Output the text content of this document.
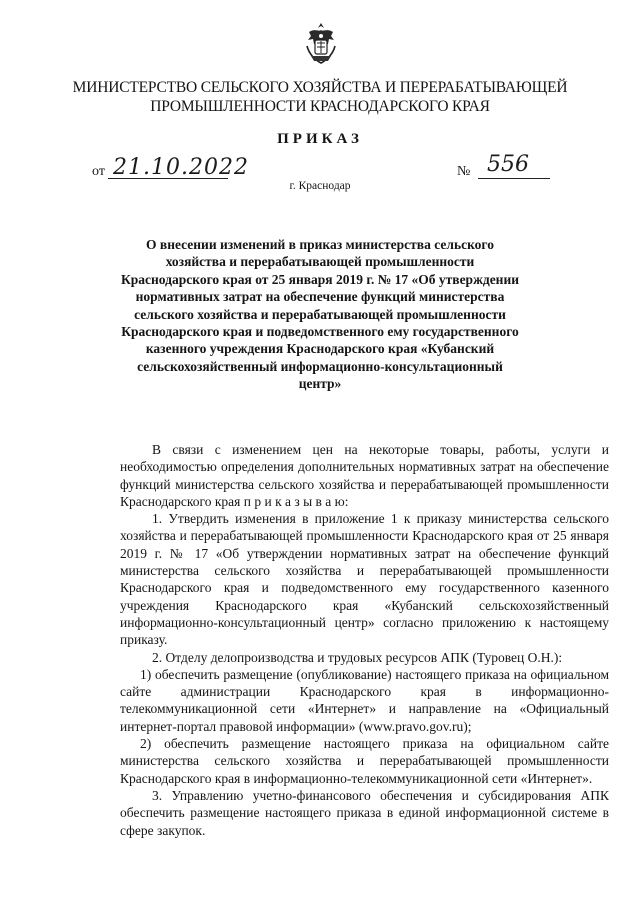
МИНИСТЕРСТВО СЕЛЬСКОГО ХОЗЯЙСТВА И ПЕРЕРАБАТЫВАЮЩЕЙ
ПРОМЫШЛЕННОСТИ КРАСНОДАРСКОГО КРАЯ
ПРИКАЗ
от 21.10.2022	№ 556
г. Краснодар
О внесении изменений в приказ министерства сельского хозяйства и перерабатывающей промышленности Краснодарского края от 25 января 2019 г. № 17 «Об утверждении нормативных затрат на обеспечение функций министерства сельского хозяйства и перерабатывающей промышленности Краснодарского края и подведомственного ему государственного казенного учреждения Краснодарского края «Кубанский сельскохозяйственный информационно-консультационный центр»

В связи с изменением цен на некоторые товары, работы, услуги и необходимостью определения дополнительных нормативных затрат на обеспечение функций министерства сельского хозяйства и перерабатывающей промышленности Краснодарского края п р и к а з ы в а ю:

1. Утвердить изменения в приложение 1 к приказу министерства сельского хозяйства и перерабатывающей промышленности Краснодарского края от 25 января 2019 г. № 17 «Об утверждении нормативных затрат на обеспечение функций министерства сельского хозяйства и перерабатывающей промышленности Краснодарского края и подведомственного ему государственного казенного учреждения Краснодарского края «Кубанский сельскохозяйственный информационно-консультационный центр» согласно приложению к настоящему приказу.

2. Отделу делопроизводства и трудовых ресурсов АПК (Туровец О.Н.):

1) обеспечить размещение (опубликование) настоящего приказа на официальном сайте администрации Краснодарского края в информационно-телекоммуникационной сети «Интернет» и направление на «Официальный интернет-портал правовой информации» (www.pravo.gov.ru);

2) обеспечить размещение настоящего приказа на официальном сайте министерства сельского хозяйства и перерабатывающей промышленности Краснодарского края в информационно-телекоммуникационной сети «Интернет».

3. Управлению учетно-финансового обеспечения и субсидирования АПК обеспечить размещение настоящего приказа в единой информационной системе в сфере закупок.
